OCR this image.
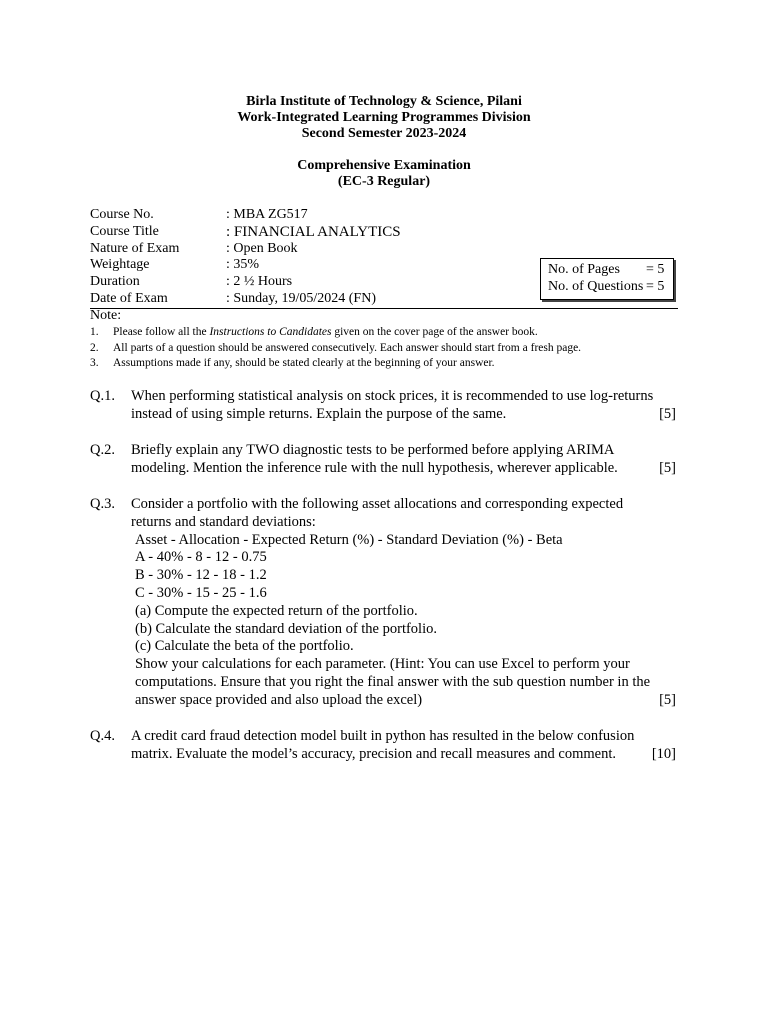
Birla Institute of Technology & Science, Pilani
Work-Integrated Learning Programmes Division
Second Semester 2023-2024
Comprehensive Examination
(EC-3 Regular)
Course No.	: MBA ZG517
Course Title	: FINANCIAL ANALYTICS
Nature of Exam	: Open Book
Weightage	: 35%
Duration	: 2 ½ Hours
Date of Exam	: Sunday, 19/05/2024 (FN)
No. of Pages = 5
No. of Questions = 5
Note:
1. Please follow all the Instructions to Candidates given on the cover page of the answer book.
2. All parts of a question should be answered consecutively. Each answer should start from a fresh page.
3. Assumptions made if any, should be stated clearly at the beginning of your answer.
Q.1. When performing statistical analysis on stock prices, it is recommended to use log-returns
instead of using simple returns. Explain the purpose of the same.	[5]
Q.2. Briefly explain any TWO diagnostic tests to be performed before applying ARIMA
modeling. Mention the inference rule with the null hypothesis, wherever applicable.	[5]
Q.3. Consider a portfolio with the following asset allocations and corresponding expected
returns and standard deviations:
Asset - Allocation - Expected Return (%) - Standard Deviation (%) - Beta
A - 40% - 8 - 12 - 0.75
B - 30% - 12 - 18 - 1.2
C - 30% - 15 - 25 - 1.6
(a) Compute the expected return of the portfolio.
(b) Calculate the standard deviation of the portfolio.
(c) Calculate the beta of the portfolio.
Show your calculations for each parameter. (Hint: You can use Excel to perform your
computations. Ensure that you right the final answer with the sub question number in the
answer space provided and also upload the excel)	[5]
Q.4. A credit card fraud detection model built in python has resulted in the below confusion
matrix. Evaluate the model’s accuracy, precision and recall measures and comment. [10]
